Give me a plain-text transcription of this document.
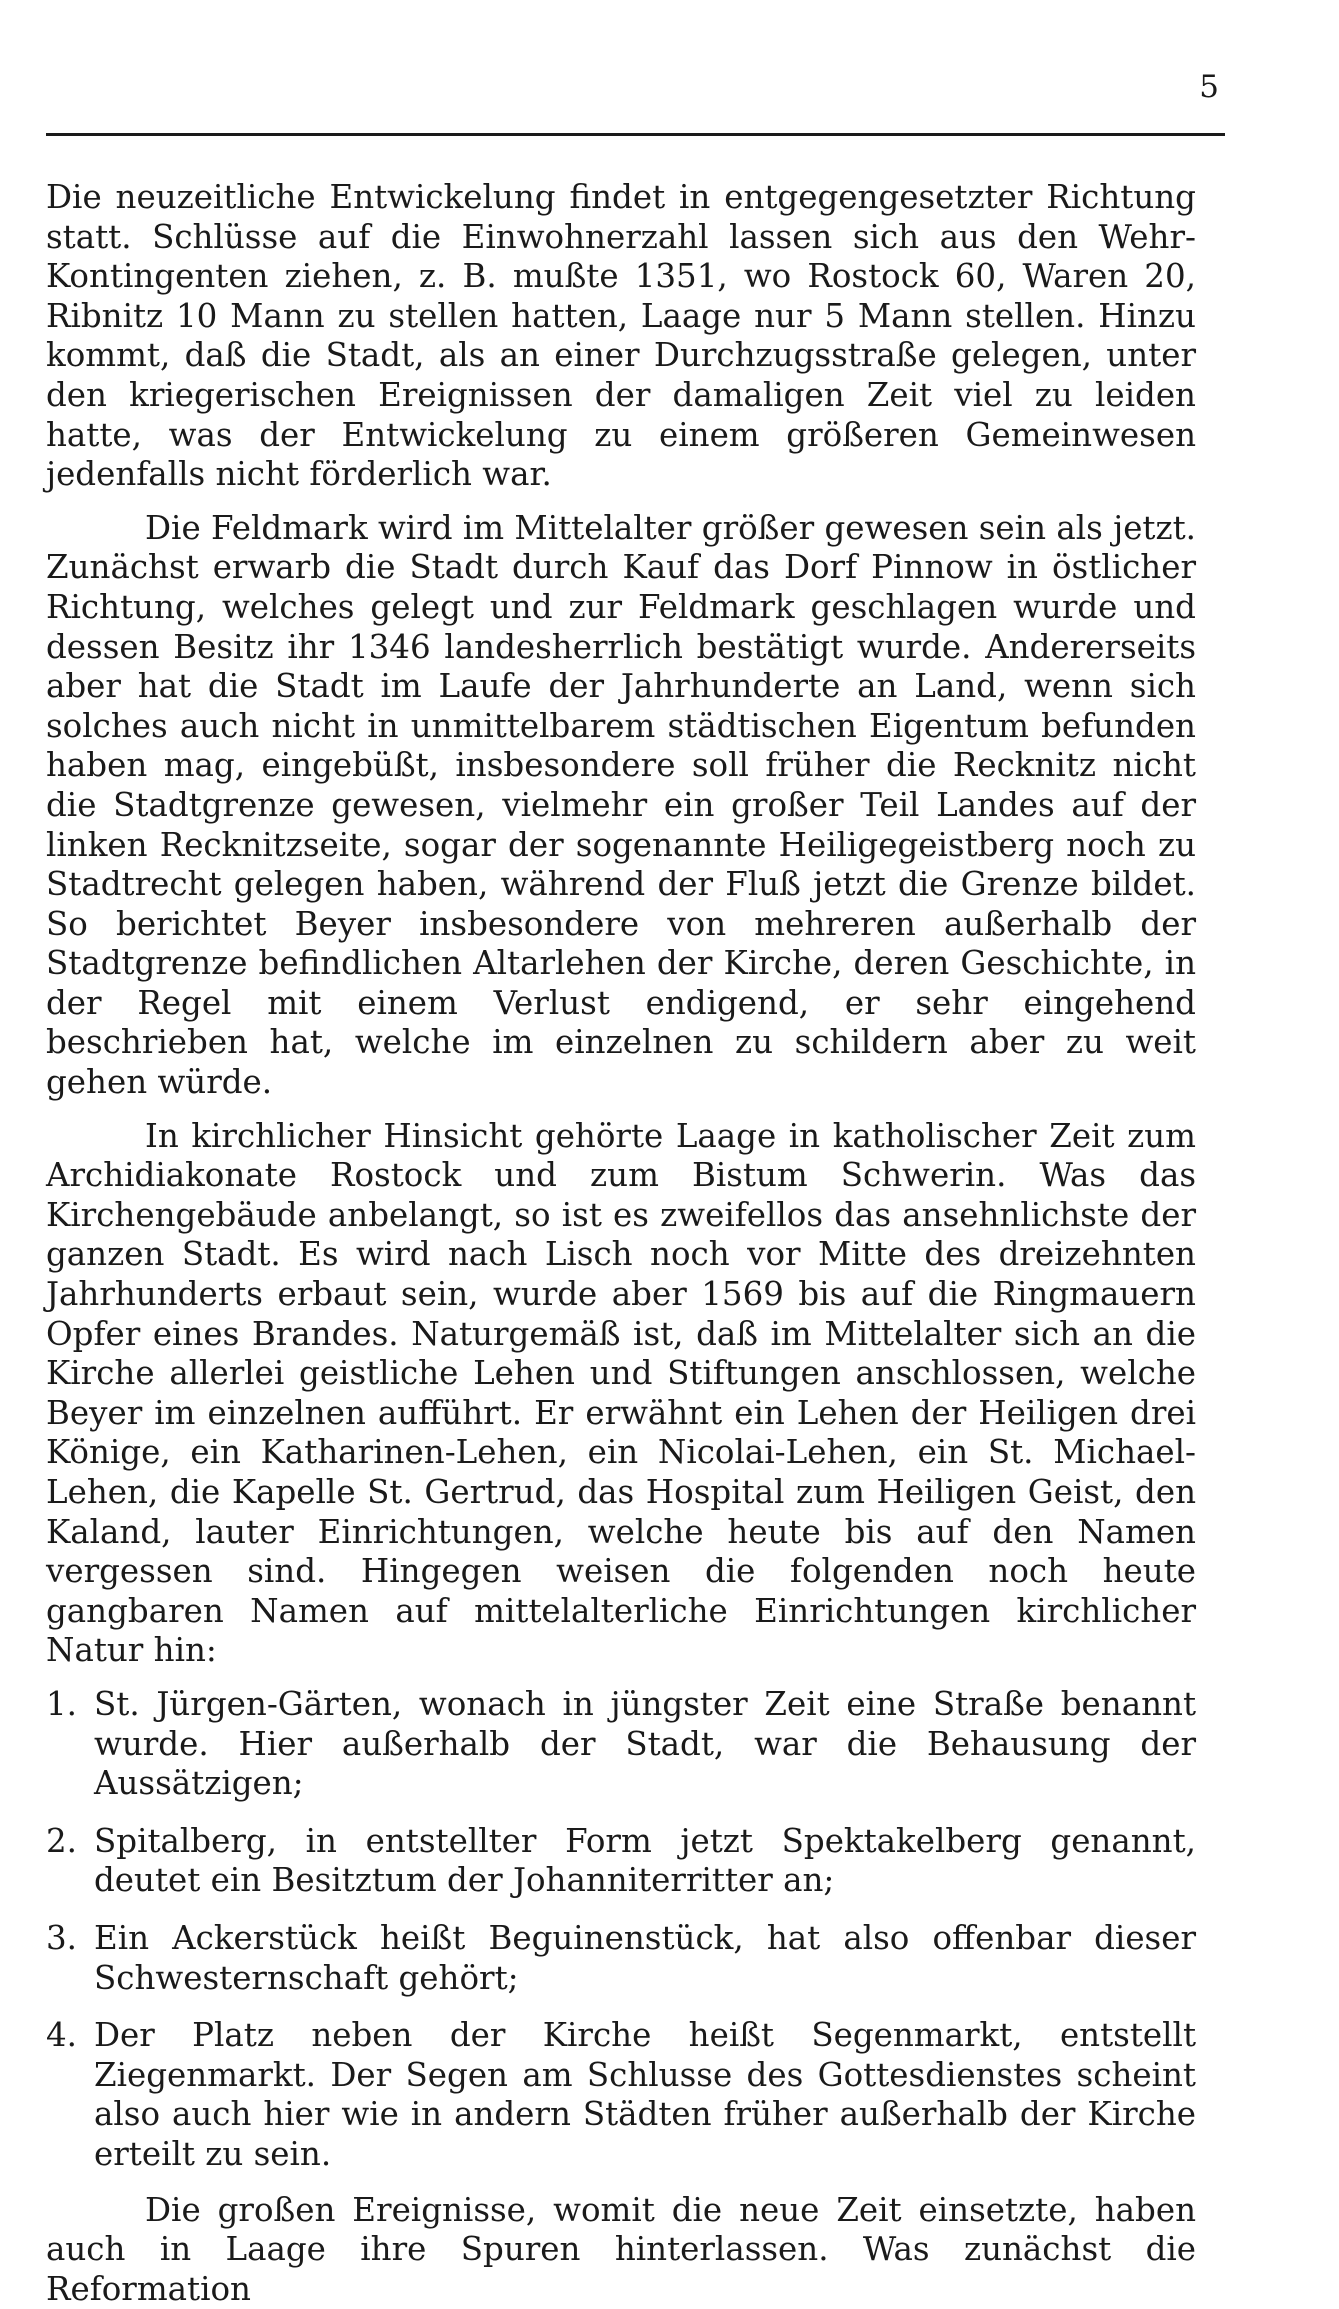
5

Die neuzeitliche Entwickelung findet in entgegengesetzter Richtung statt. Schlüsse auf die Einwohnerzahl lassen sich aus den Wehr-Kontingenten ziehen, z. B. mußte 1351, wo Rostock 60, Waren 20, Ribnitz 10 Mann zu stellen hatten, Laage nur 5 Mann stellen. Hinzu kommt, daß die Stadt, als an einer Durchzugsstraße gelegen, unter den kriegerischen Ereignissen der damaligen Zeit viel zu leiden hatte, was der Entwickelung zu einem größeren Gemeinwesen jedenfalls nicht förderlich war.

Die Feldmark wird im Mittelalter größer gewesen sein als jetzt. Zunächst erwarb die Stadt durch Kauf das Dorf Pinnow in östlicher Richtung, welches gelegt und zur Feldmark geschlagen wurde und dessen Besitz ihr 1346 landesherrlich bestätigt wurde. Andererseits aber hat die Stadt im Laufe der Jahrhunderte an Land, wenn sich solches auch nicht in unmittelbarem städtischen Eigentum befunden haben mag, eingebüßt, insbesondere soll früher die Recknitz nicht die Stadtgrenze gewesen, vielmehr ein großer Teil Landes auf der linken Recknitzseite, sogar der sogenannte Heiligegeistberg noch zu Stadtrecht gelegen haben, während der Fluß jetzt die Grenze bildet. So berichtet Beyer insbesondere von mehreren außerhalb der Stadtgrenze befindlichen Altarlehen der Kirche, deren Geschichte, in der Regel mit einem Verlust endigend, er sehr eingehend beschrieben hat, welche im einzelnen zu schildern aber zu weit gehen würde.

In kirchlicher Hinsicht gehörte Laage in katholischer Zeit zum Archidiakonate Rostock und zum Bistum Schwerin. Was das Kirchengebäude anbelangt, so ist es zweifellos das ansehnlichste der ganzen Stadt. Es wird nach Lisch noch vor Mitte des dreizehnten Jahrhunderts erbaut sein, wurde aber 1569 bis auf die Ringmauern Opfer eines Brandes. Naturgemäß ist, daß im Mittelalter sich an die Kirche allerlei geistliche Lehen und Stiftungen anschlossen, welche Beyer im einzelnen aufführt. Er erwähnt ein Lehen der Heiligen drei Könige, ein Katharinen-Lehen, ein Nicolai-Lehen, ein St. Michael-Lehen, die Kapelle St. Gertrud, das Hospital zum Heiligen Geist, den Kaland, lauter Einrichtungen, welche heute bis auf den Namen vergessen sind. Hingegen weisen die folgenden noch heute gangbaren Namen auf mittelalterliche Einrichtungen kirchlicher Natur hin:

1. St. Jürgen-Gärten, wonach in jüngster Zeit eine Straße benannt wurde. Hier außerhalb der Stadt, war die Behausung der Aussätzigen;
2. Spitalberg, in entstellter Form jetzt Spektakelberg genannt, deutet ein Besitztum der Johanniterritter an;
3. Ein Ackerstück heißt Beguinenstück, hat also offenbar dieser Schwesternschaft gehört;
4. Der Platz neben der Kirche heißt Segenmarkt, entstellt Ziegenmarkt. Der Segen am Schlusse des Gottesdienstes scheint also auch hier wie in andern Städten früher außerhalb der Kirche erteilt zu sein.

Die großen Ereignisse, womit die neue Zeit einsetzte, haben auch in Laage ihre Spuren hinterlassen. Was zunächst die Reformation
